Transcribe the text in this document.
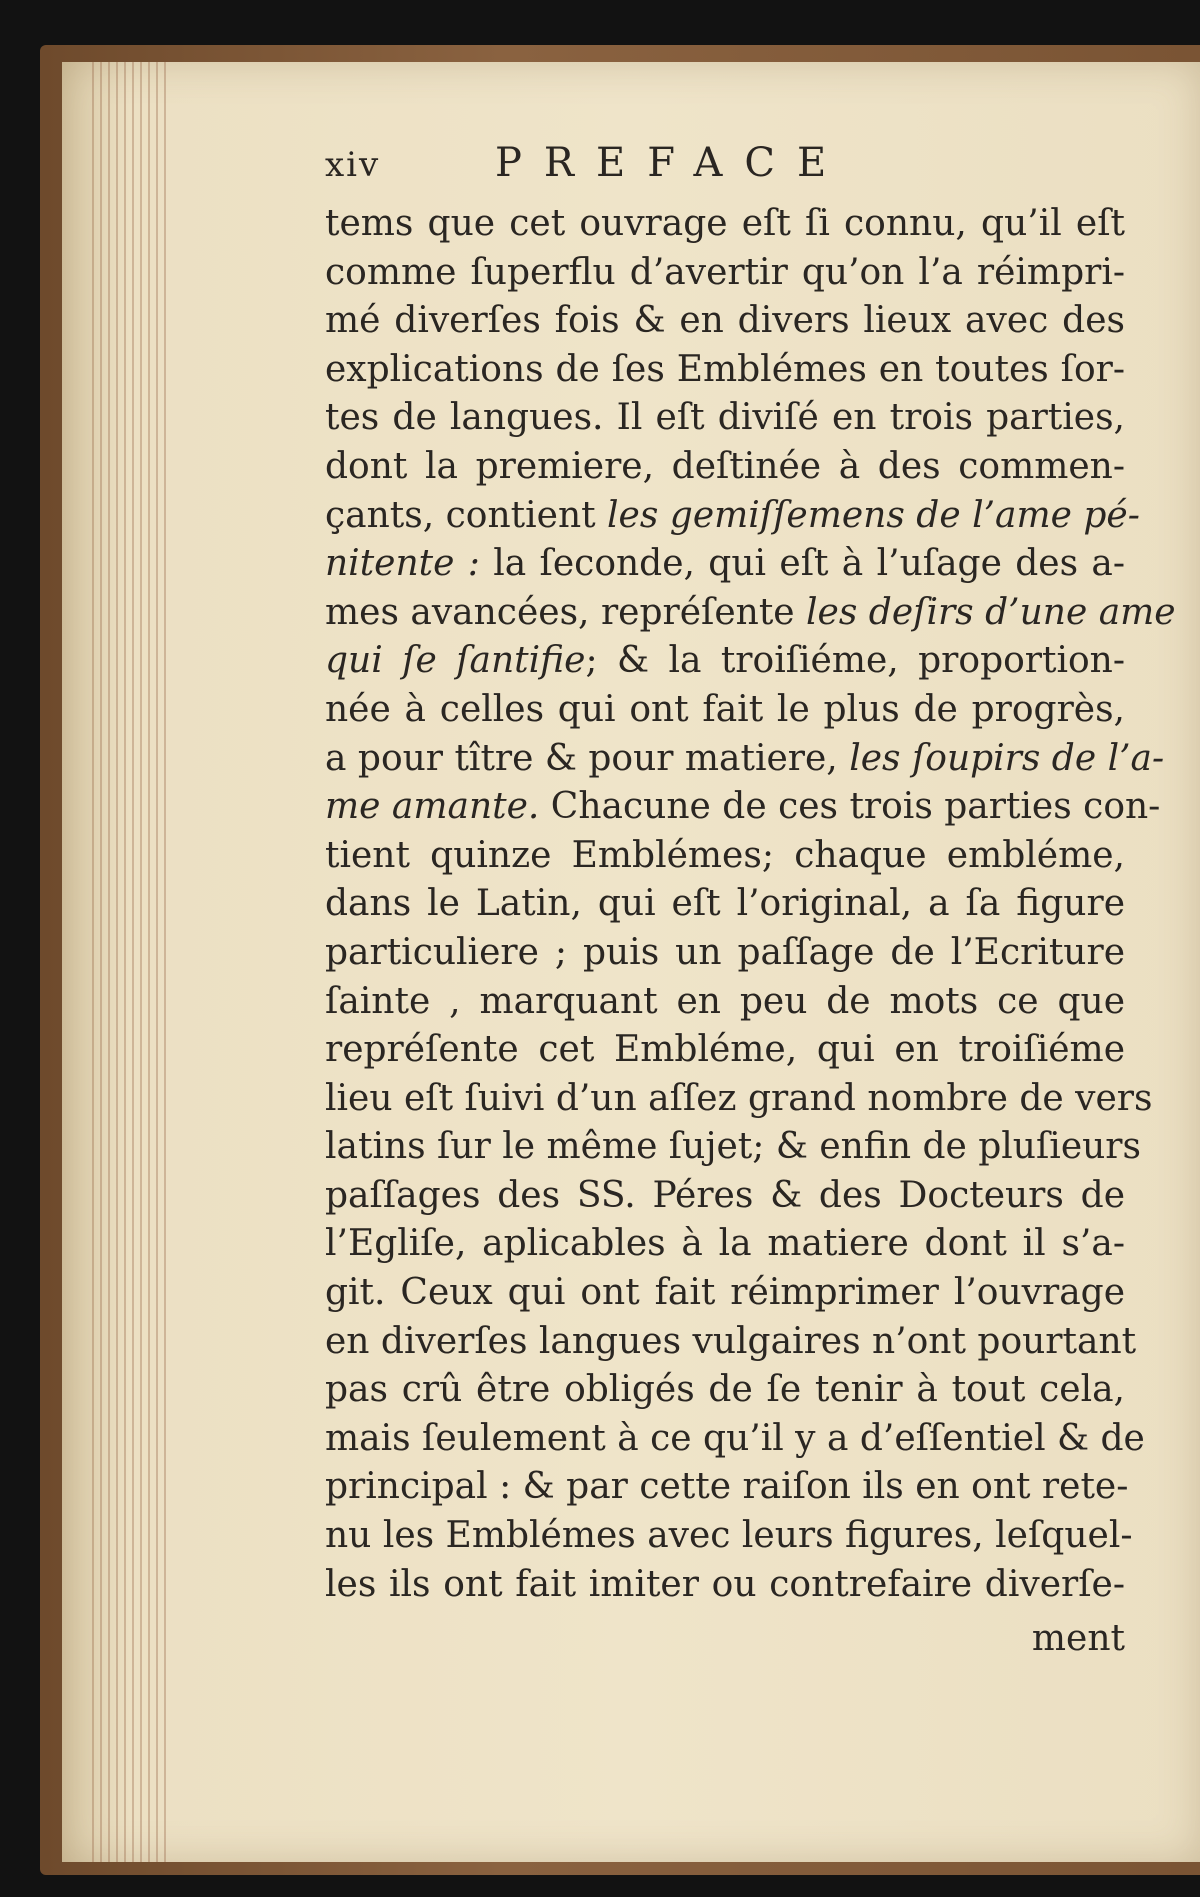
xiv	PREFACE
tems que cet ouvrage eſt ſi connu, qu’il eſt
comme ſuperflu d’avertir qu’on l’a réimpri-
mé diverſes fois & en divers lieux avec des
explications de ſes Emblémes en toutes ſor-
tes de langues. Il eſt diviſé en trois parties,
dont la premiere, deſtinée à des commen-
çants, contient les gemiſſemens de l’ame pé-
nitente : la ſeconde, qui eſt à l’uſage des a-
mes avancées, repréſente les deſirs d’une ame
qui ſe ſantifie; & la troiſiéme, proportion-
née à celles qui ont fait le plus de progrès,
a pour tître & pour matiere, les ſoupirs de l’a-
me amante. Chacune de ces trois parties con-
tient quinze Emblémes; chaque embléme,
dans le Latin, qui eſt l’original, a ſa figure
particuliere ; puis un paſſage de l’Ecriture
ſainte , marquant en peu de mots ce que
repréſente cet Embléme, qui en troiſiéme
lieu eſt ſuivi d’un aſſez grand nombre de vers
latins ſur le même ſujet; & enfin de pluſieurs
paſſages des SS. Péres & des Docteurs de
l’Egliſe, aplicables à la matiere dont il s’a-
git. Ceux qui ont fait réimprimer l’ouvrage
en diverſes langues vulgaires n’ont pourtant
pas crû être obligés de ſe tenir à tout cela,
mais ſeulement à ce qu’il y a d’eſſentiel & de
principal : & par cette raiſon ils en ont rete-
nu les Emblémes avec leurs figures, leſquel-
les ils ont fait imiter ou contrefaire diverſe-
ment
